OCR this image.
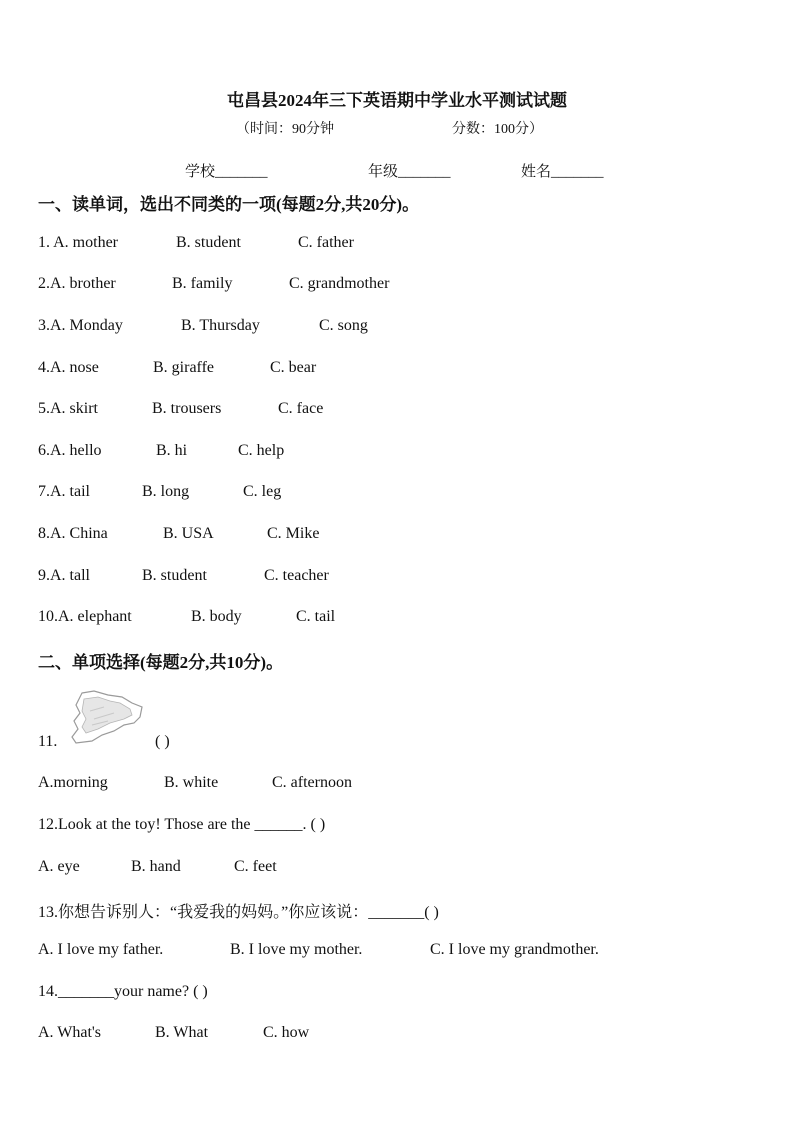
屯昌县2024年三下英语期中学业水平测试试题
（时间：90分钟	分数：100分）
学校_______	年级_______	姓名_______
一、读单词，选出不同类的一项(每题2分,共20分)。
1. A. mother	B. student	C. father
2.A. brother	B. family	C. grandmother
3.A. Monday	B. Thursday	C. song
4.A. nose	B. giraffe	C. bear
5.A. skirt	B. trousers	C. face
6.A. hello	B. hi	C. help
7.A. tail	B. long	C. leg
8.A. China	B. USA	C. Mike
9.A. tall	B. student	C. teacher
10.A. elephant	B. body	C. tail
二、单项选择(每题2分,共10分)。
11.	( )
A.morning	B. white	C. afternoon
12.Look at the toy! Those are the ______. ( )
A. eye	B. hand	C. feet
13.你想告诉别人：“我爱我的妈妈。”你应该说：_______( )
A. I love my father.	B. I love my mother.	C. I love my grandmother.
14._______your name? ( )
A. What's	B. What	C. how
